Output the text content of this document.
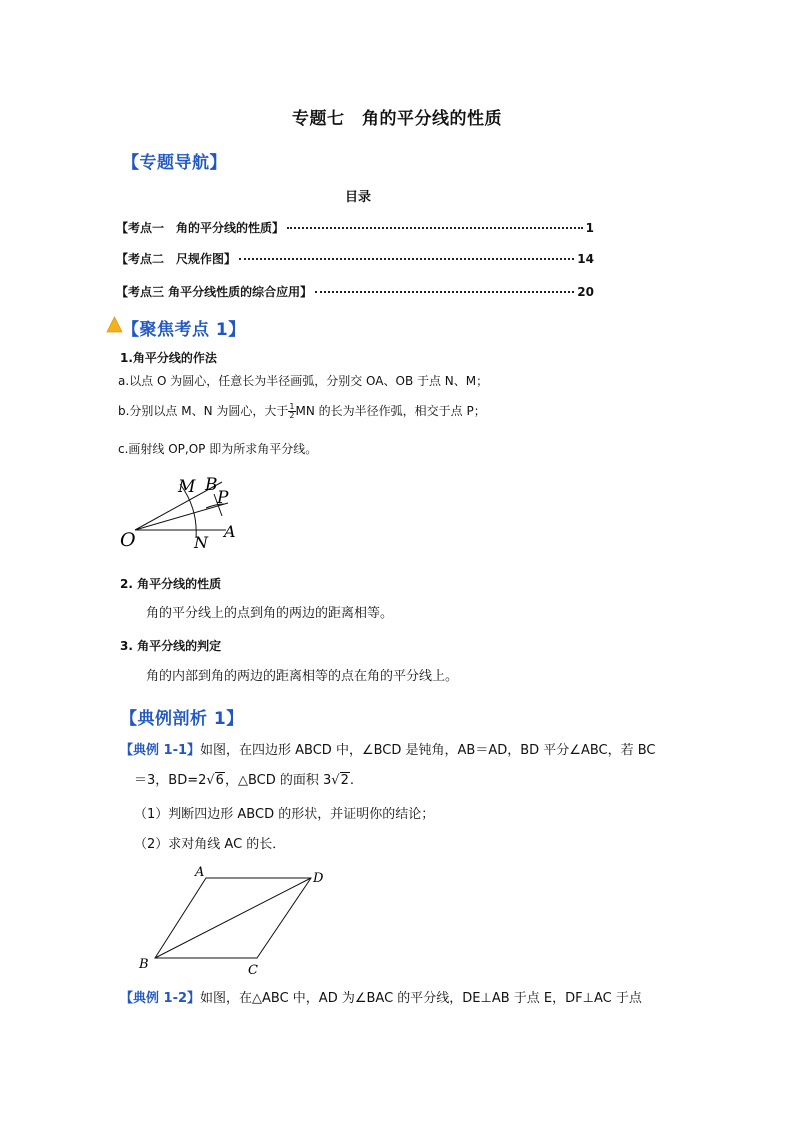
专题七　角的平分线的性质
【专题导航】
目录
【考点一　角的平分线的性质】	1
【考点二　尺规作图】	14
【考点三 角平分线性质的综合应用】	20
【聚焦考点 1】
1.角平分线的作法
a.以点 O 为圆心，任意长为半径画弧，分别交 OA、OB 于点 N、M；
b.分别以点 M、N 为圆心，大于 $\frac{1}{2}$ MN 的长为半径作弧，相交于点 P；
c.画射线 OP,OP 即为所求角平分线。
O	N
A
M B
P
2. 角平分线的性质
角的平分线上的点到角的两边的距离相等。
3. 角平分线的判定
角的内部到角的两边的距离相等的点在角的平分线上。
【典例剖析 1】
【典例 1-1】如图，在四边形 ABCD 中，∠BCD 是钝角，AB＝AD，BD 平分∠ABC，若 BC
＝3，BD=2√6，△BCD 的面积 3√2.
（1）判断四边形 ABCD 的形状，并证明你的结论；
（2）求对角线 AC 的长．
A	D
B	C
【典例 1-2】如图，在△ABC 中，AD 为∠BAC 的平分线，DE⊥AB 于点 E，DF⊥AC 于点
